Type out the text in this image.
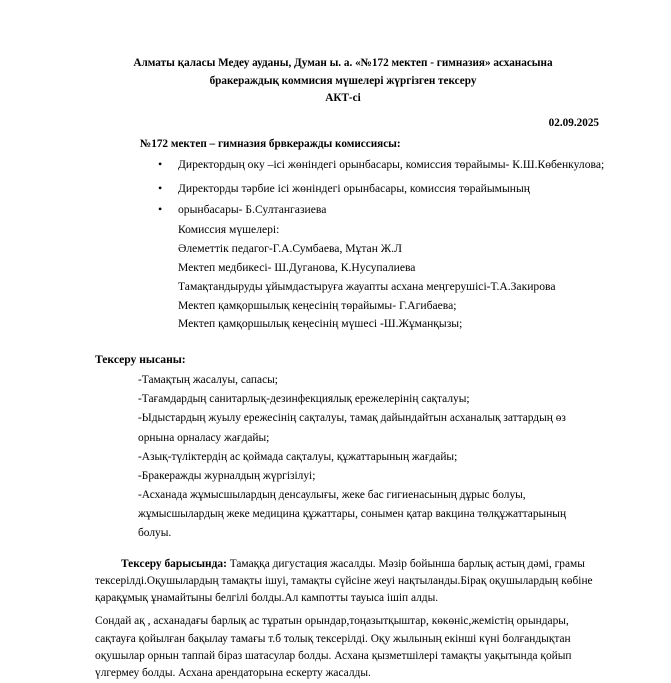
Алматы қаласы Медеу ауданы, Думан ы. а. «№172 мектеп - гимназия» асханасына
бракераждық коммисия мүшелері жүргізген тексеру
АКТ-сі
02.09.2025
№172 мектеп – гимназия брвкеражды комиссиясы:
• Директордың оку –ісі жөніндегі орынбасары, комиссия төрайымы- К.Ш.Көбенкулова;
• Директорды тәрбие ісі жөніндегі орынбасары, комиссия төрайымының
• орынбасары- Б.Султангазиева
Комиссия мүшелері:
Әлеметтік педагог-Г.А.Сумбаева, Мұтан Ж.Л
Мектеп медбикесі- Ш.Дуганова, К.Нусупалиева
Тамақтандыруды ұйымдастыруға жауапты асхана меңгерушісі-Т.А.Закирова
Мектеп қамқоршылық кеңесінің төрайымы- Г.Агибаева;
Мектеп қамқоршылық кеңесінің мүшесі -Ш.Жұманқызы;
Тексеру нысаны:
-Тамақтың жасалуы, сапасы;
-Тағамдардың санитарлық-дезинфекциялық ережелерінің сақталуы;
-Ыдыстардың жуылу ережесінің сақталуы, тамақ дайындайтын асханалық заттардың өз
орнына орналасу жағдайы;
-Азық-түліктердің ас қоймада сақталуы, құжаттарының жағдайы;
-Бракеражды журналдың жүргізілуі;
-Асханада жұмысшылардың денсаулығы, жеке бас гигиенасының дұрыс болуы,
жұмысшылардың жеке медицина құжаттары, сонымен қатар вакцина төлқұжаттарының
болуы.
Тексеру барысында: Тамаққа дигустация жасалды. Мәзір бойынша барлық астың дәмі, грамы тексерілді.Оқушылардың тамақты ішуі, тамақты сүйсіне жеуі нақтыланды.Бірақ оқушылардың көбіне қарақұмық ұнамайтыны белгілі болды.Ал кампотты тауыса ішіп алды.
Сондай ақ , асханадағы барлық ас тұратын орындар,тоңазытқыштар, көкөніс,жемістің орындары, сақтауға қойылған бақылау тамағы т.б толық тексерілді. Оқу жылының екінші күні болғандықтан оқушылар орнын таппай біраз шатасулар болды. Асхана қызметшілері тамақты уақытында қойып үлгермеу болды. Асхана арендаторына ескерту жасалды.
